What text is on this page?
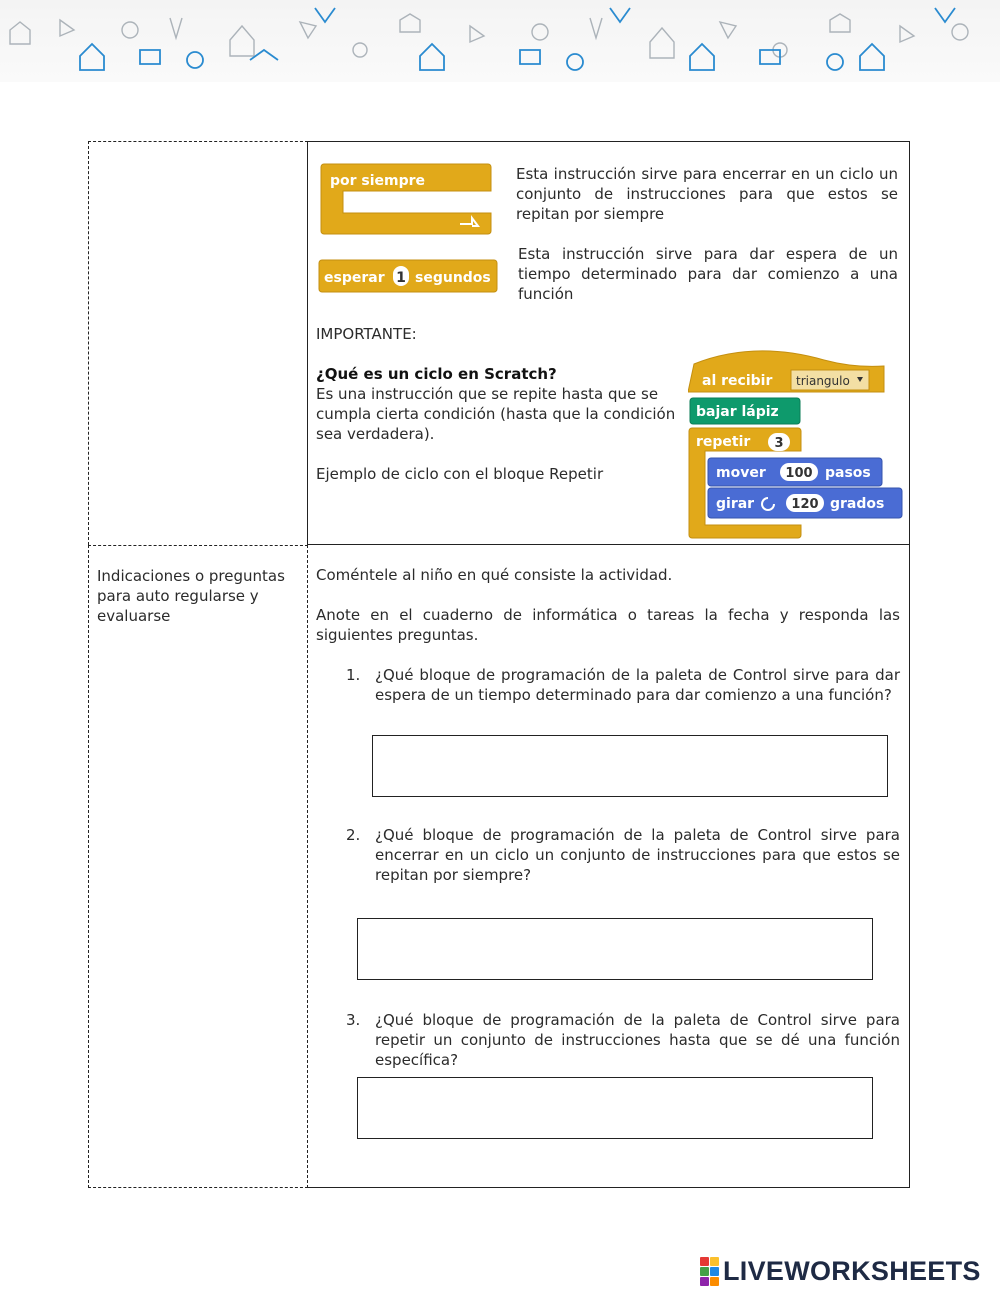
por siempre	Esta instrucción sirve para encerrar en un ciclo un conjunto de instrucciones para que estos se repitan por siempre
esperar 1 segundos
Esta instrucción sirve para dar espera de un tiempo determinado para dar comienzo a una función
IMPORTANTE:
¿Qué es un ciclo en Scratch?
Es una instrucción que se repite hasta que se cumpla cierta condición (hasta que la condición sea verdadera).
Ejemplo de ciclo con el bloque Repetir
al recibir triangulo
bajar lápiz
repetir 3
mover 100 pasos
girar	120 grados
Indicaciones o preguntas para auto regularse y evaluarse
Coméntele al niño en qué consiste la actividad.
Anote en el cuaderno de informática o tareas la fecha y responda las siguientes preguntas.
1. ¿Qué bloque de programación de la paleta de Control sirve para dar espera de un tiempo determinado para dar comienzo a una función?
2. ¿Qué bloque de programación de la paleta de Control sirve para encerrar en un ciclo un conjunto de instrucciones para que estos se repitan por siempre?
3. ¿Qué bloque de programación de la paleta de Control sirve para repetir un conjunto de instrucciones hasta que se dé una función específica?
LIVEWORKSHEETS
